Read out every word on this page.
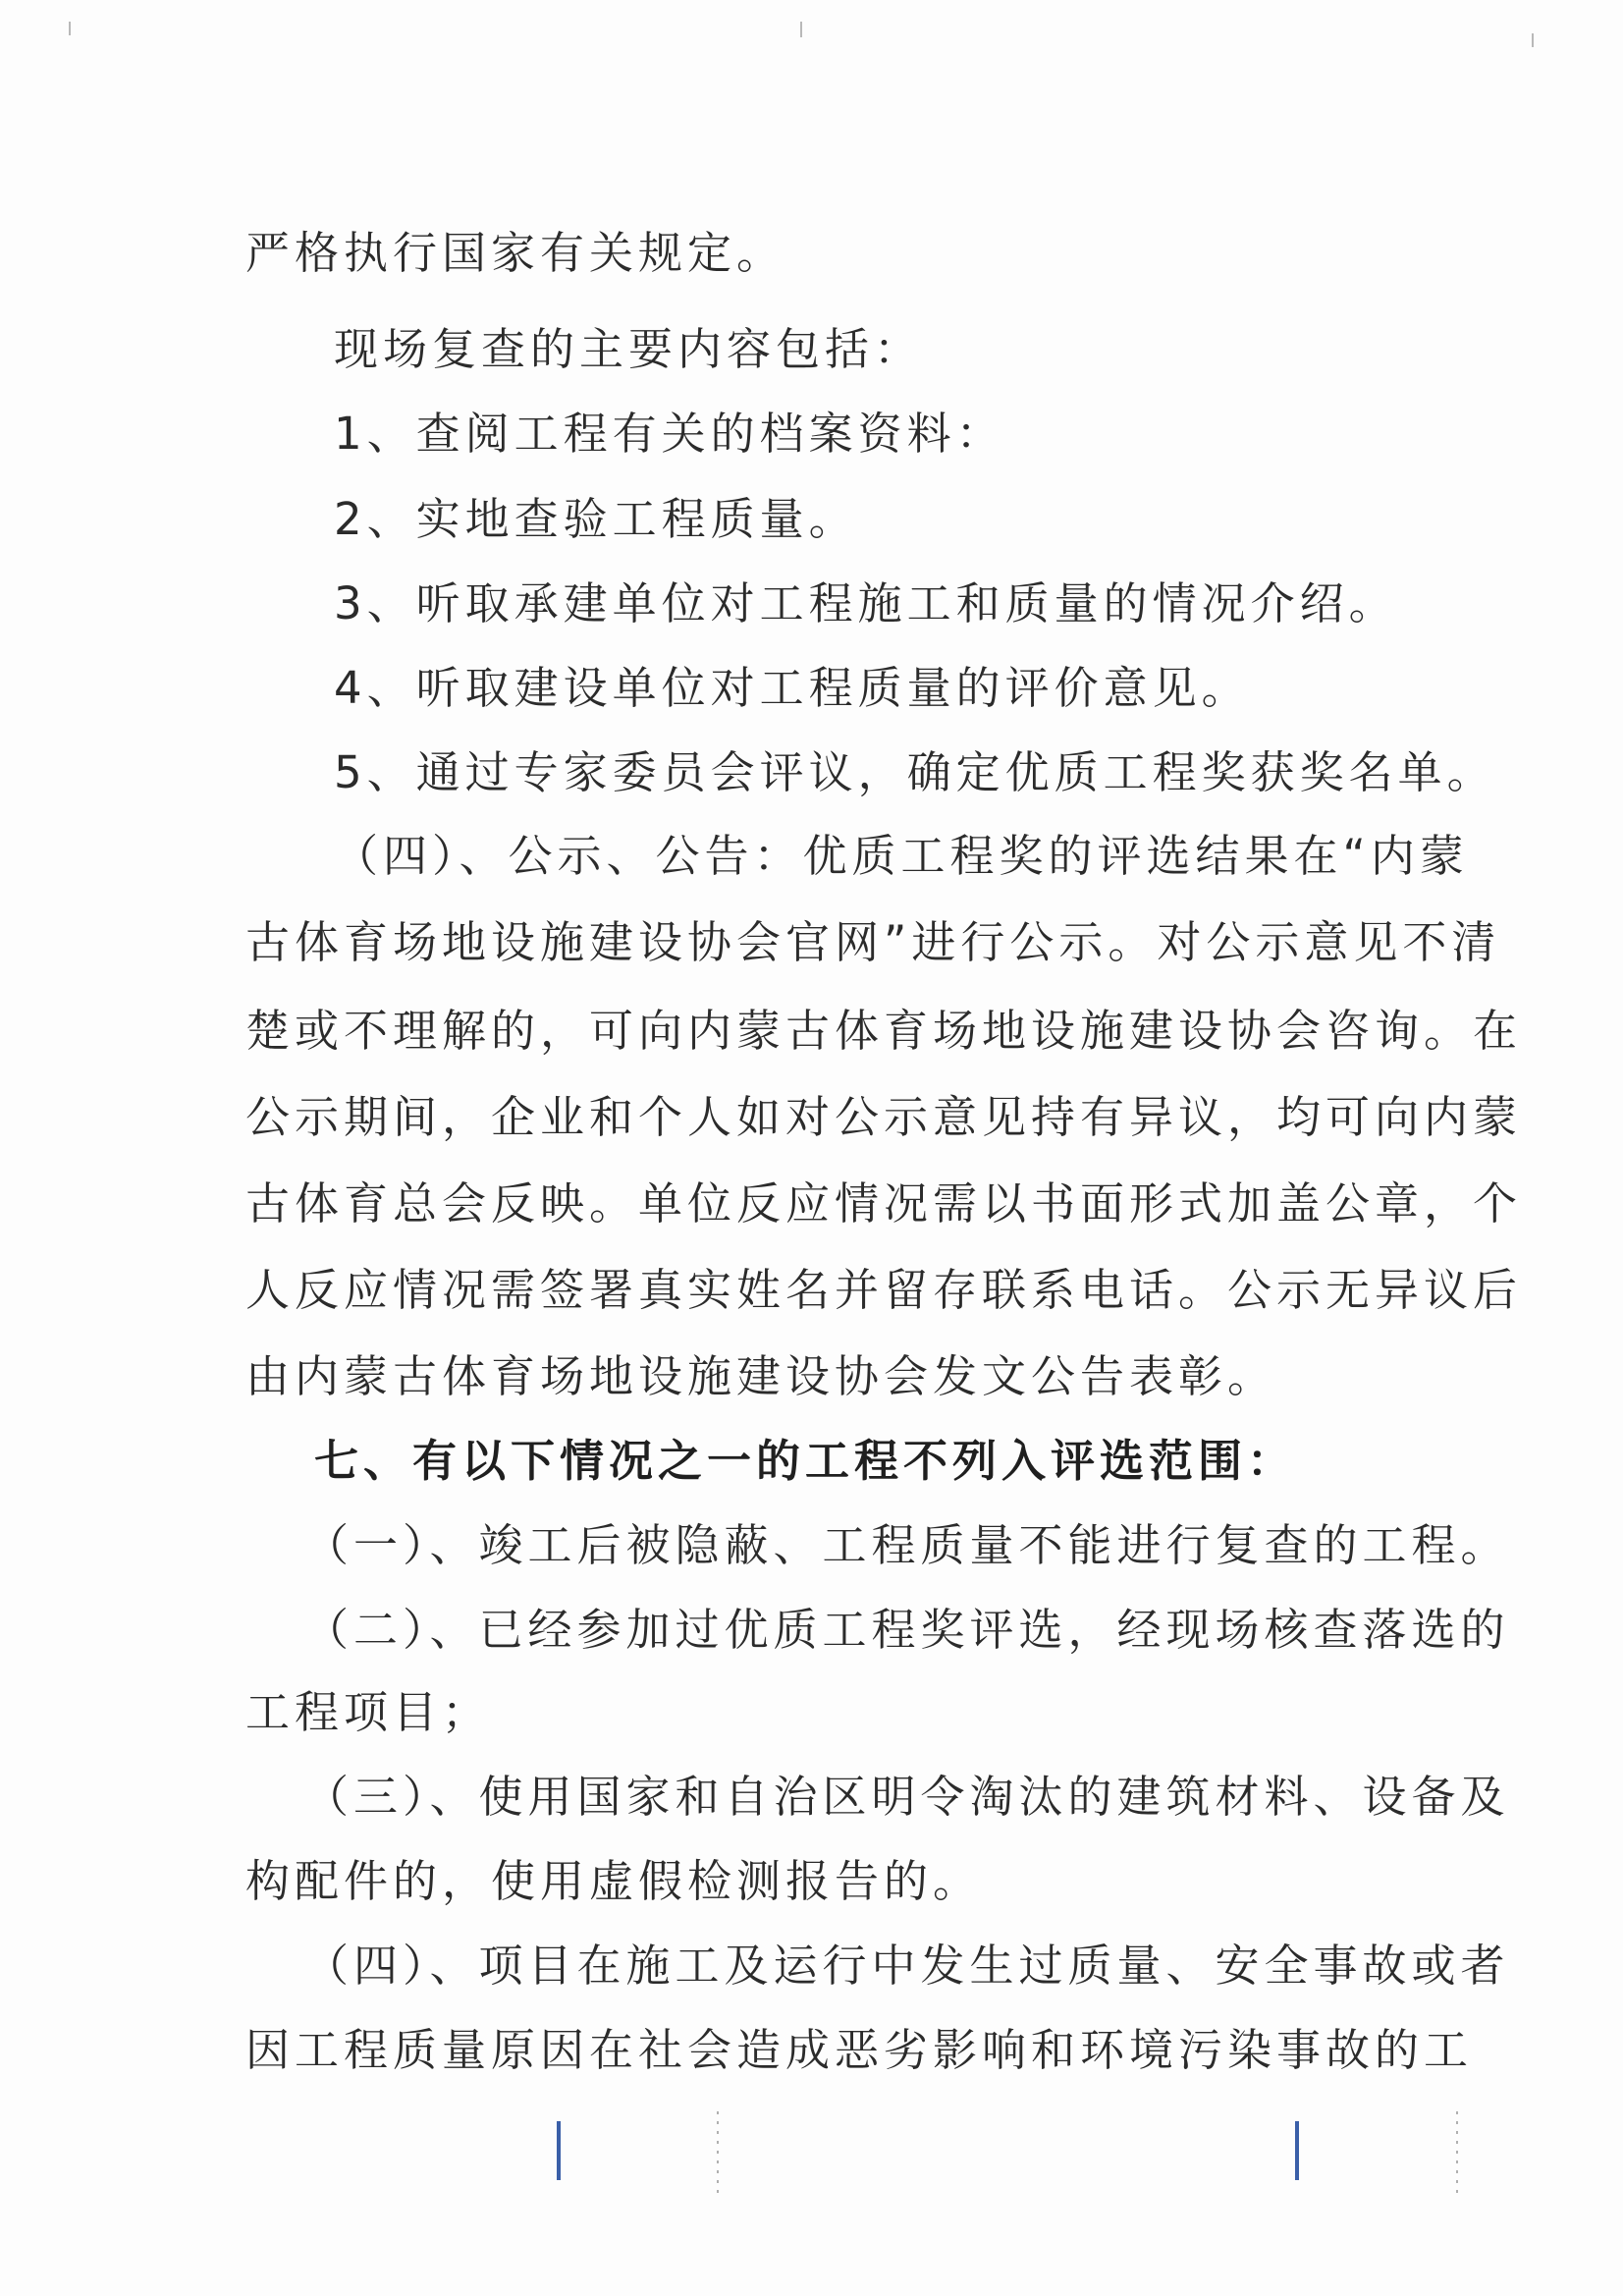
严格执行国家有关规定。
现场复查的主要内容包括：
1、查阅工程有关的档案资料：
2、实地查验工程质量。
3、听取承建单位对工程施工和质量的情况介绍。
4、听取建设单位对工程质量的评价意见。
5、通过专家委员会评议，确定优质工程奖获奖名单。
（四）、公示、公告：优质工程奖的评选结果在“内蒙
古体育场地设施建设协会官网”进行公示。对公示意见不清
楚或不理解的，可向内蒙古体育场地设施建设协会咨询。在
公示期间，企业和个人如对公示意见持有异议，均可向内蒙
古体育总会反映。单位反应情况需以书面形式加盖公章，个
人反应情况需签署真实姓名并留存联系电话。公示无异议后
由内蒙古体育场地设施建设协会发文公告表彰。
七、有以下情况之一的工程不列入评选范围：
（一）、竣工后被隐蔽、工程质量不能进行复查的工程。
（二）、已经参加过优质工程奖评选，经现场核查落选的
工程项目；
（三）、使用国家和自治区明令淘汰的建筑材料、设备及
构配件的，使用虚假检测报告的。
（四）、项目在施工及运行中发生过质量、安全事故或者
因工程质量原因在社会造成恶劣影响和环境污染事故的工
